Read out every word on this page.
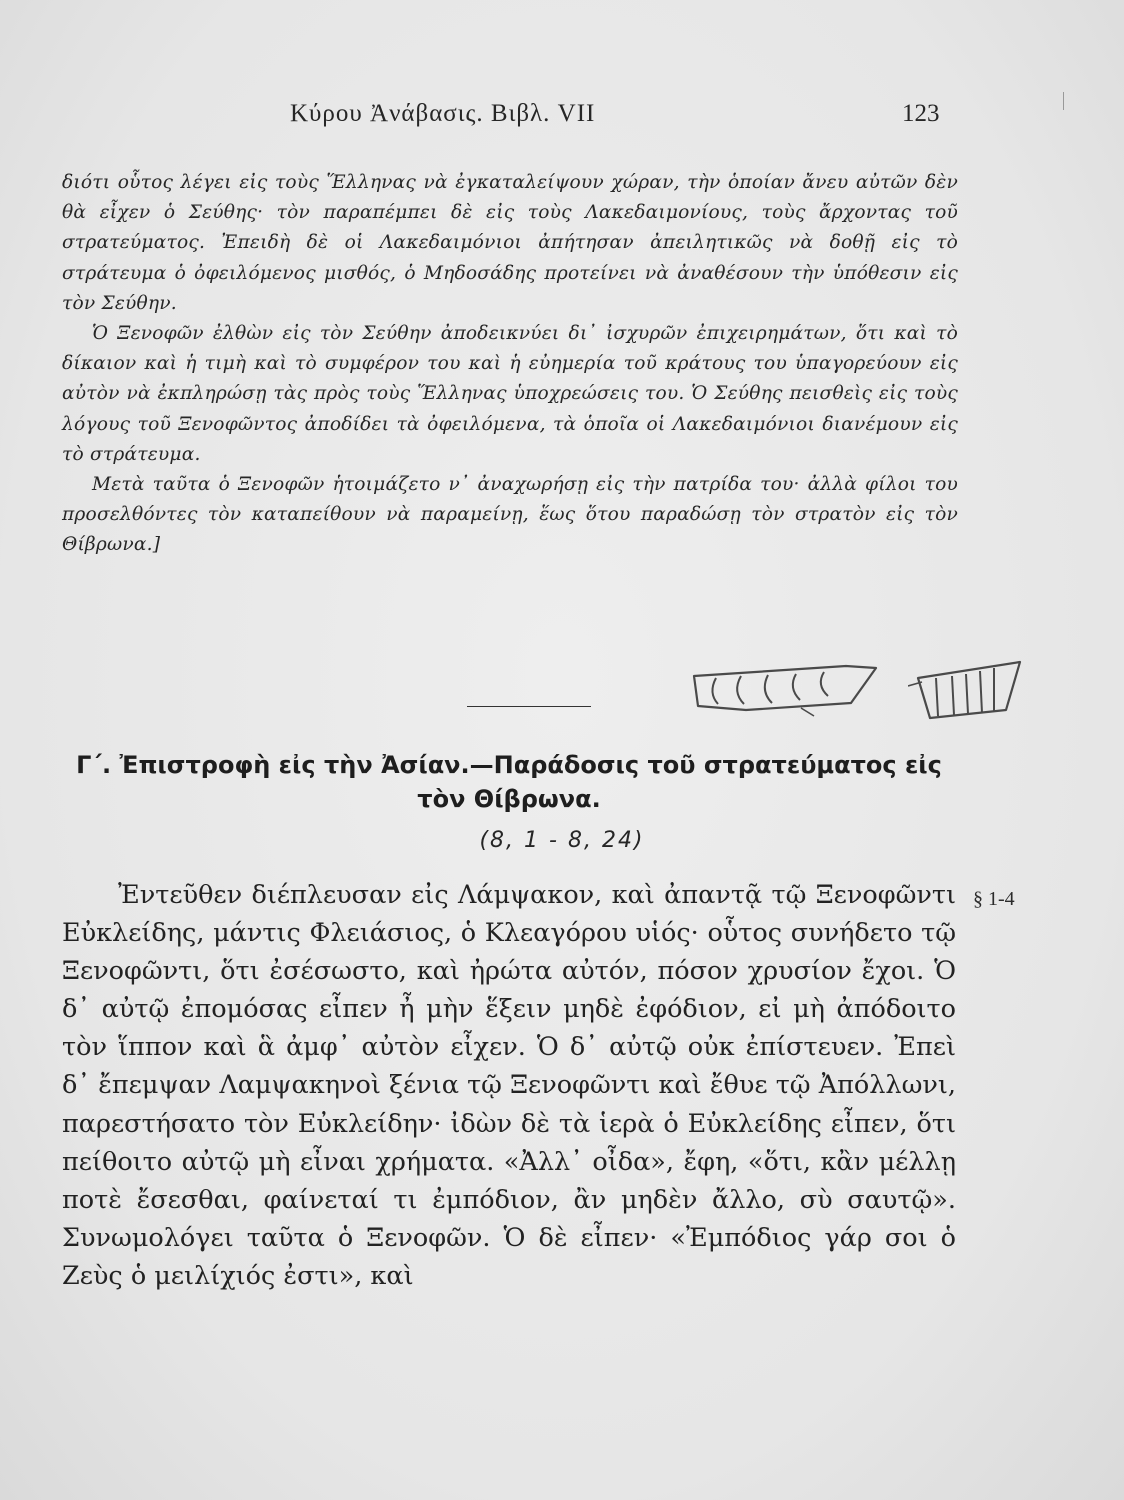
Κύρου Ἀνάβασις. Βιβλ. VII	123

διότι οὗτος λέγει εἰς τοὺς Ἕλληνας νὰ ἐγκαταλείψουν χώραν, τὴν ὁποίαν ἄνευ αὐτῶν δὲν θὰ εἶχεν ὁ Σεύθης· τὸν παραπέμπει δὲ εἰς τοὺς Λακεδαιμονίους, τοὺς ἄρχοντας τοῦ στρατεύματος. Ἐπειδὴ δὲ οἱ Λακεδαιμόνιοι ἀπήτησαν ἀπειλητικῶς νὰ δοθῇ εἰς τὸ στράτευμα ὁ ὀφειλόμενος μισθός, ὁ Μηδοσάδης προτείνει νὰ ἀναθέσουν τὴν ὑπόθεσιν εἰς τὸν Σεύθην.

Ὁ Ξενοφῶν ἐλθὼν εἰς τὸν Σεύθην ἀποδεικνύει δι᾽ ἰσχυρῶν ἐπιχειρημάτων, ὅτι καὶ τὸ δίκαιον καὶ ἡ τιμὴ καὶ τὸ συμφέρον του καὶ ἡ εὐημερία τοῦ κράτους του ὑπαγορεύουν εἰς αὐτὸν νὰ ἐκπληρώσῃ τὰς πρὸς τοὺς Ἕλληνας ὑποχρεώσεις του. Ὁ Σεύθης πεισθεὶς εἰς τοὺς λόγους τοῦ Ξενοφῶντος ἀποδίδει τὰ ὀφειλόμενα, τὰ ὁποῖα οἱ Λακεδαιμόνιοι διανέμουν εἰς τὸ στράτευμα.

Μετὰ ταῦτα ὁ Ξενοφῶν ἡτοιμάζετο ν᾽ ἀναχωρήσῃ εἰς τὴν πατρίδα του· ἀλλὰ φίλοι του προσελθόντες τὸν καταπείθουν νὰ παραμείνῃ, ἕως ὅτου παραδώσῃ τὸν στρατὸν εἰς τὸν Θίβρωνα.]

Γ΄. Ἐπιστροφὴ εἰς τὴν Ἀσίαν.—Παράδοσις τοῦ στρατεύματος εἰς τὸν Θίβρωνα.
(8, 1 - 8, 24)

Ἐντεῦθεν διέπλευσαν εἰς Λάμψακον, καὶ ἀπαντᾷ τῷ Ξενοφῶντι Εὐκλείδης, μάντις Φλειάσιος, ὁ Κλεαγόρου υἱός· οὗτος συνήδετο τῷ Ξενοφῶντι, ὅτι ἐσέσωστο, καὶ ἠρώτα αὐτόν, πόσον χρυσίον ἔχοι. Ὁ δ᾽ αὐτῷ ἐπομόσας εἶπεν ἦ μὴν ἕξειν μηδὲ ἐφόδιον, εἰ μὴ ἀπόδοιτο τὸν ἵππον καὶ ἃ ἀμφ᾽ αὐτὸν εἶχεν. Ὁ δ᾽ αὐτῷ οὐκ ἐπίστευεν. Ἐπεὶ δ᾽ ἔπεμψαν Λαμψακηνοὶ ξένια τῷ Ξενοφῶντι καὶ ἔθυε τῷ Ἀπόλλωνι, παρεστήσατο τὸν Εὐκλείδην· ἰδὼν δὲ τὰ ἱερὰ ὁ Εὐκλείδης εἶπεν, ὅτι πείθοιτο αὐτῷ μὴ εἶναι χρήματα. «Ἀλλ᾽ οἶδα», ἔφη, «ὅτι, κἂν μέλλῃ ποτὲ ἔσεσθαι, φαίνεταί τι ἐμπόδιον, ἂν μηδὲν ἄλλο, σὺ σαυτῷ». Συνωμολόγει ταῦτα ὁ Ξενοφῶν. Ὁ δὲ εἶπεν· «Ἐμπόδιος γάρ σοι ὁ Ζεὺς ὁ μειλίχιός ἐστι», καὶ

§ 1-4
